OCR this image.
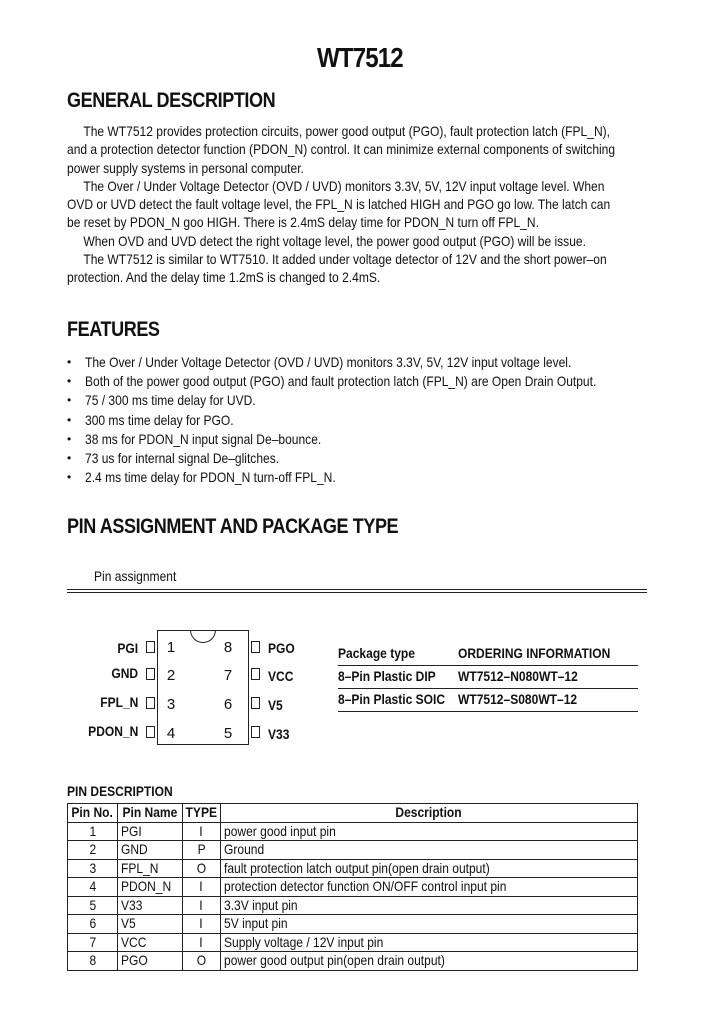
WT7512
GENERAL DESCRIPTION
The WT7512 provides protection circuits, power good output (PGO), fault protection latch (FPL_N),
and a protection detector function (PDON_N) control. It can minimize external components of switching
power supply systems in personal computer.
The Over / Under Voltage Detector (OVD / UVD) monitors 3.3V, 5V, 12V input voltage level. When
OVD or UVD detect the fault voltage level, the FPL_N is latched HIGH and PGO go low. The latch can
be reset by PDON_N goo HIGH. There is 2.4mS delay time for PDON_N turn off FPL_N.
When OVD and UVD detect the right voltage level, the power good output (PGO) will be issue.
The WT7512 is similar to WT7510. It added under voltage detector of 12V and the short power–on
protection. And the delay time 1.2mS is changed to 2.4mS.
FEATURES
• The Over / Under Voltage Detector (OVD / UVD) monitors 3.3V, 5V, 12V input voltage level.
• Both of the power good output (PGO) and fault protection latch (FPL_N) are Open Drain Output.
• 75 / 300 ms time delay for UVD.
• 300 ms time delay for PGO.
• 38 ms for PDON_N input signal De–bounce.
• 73 us for internal signal De–glitches.
• 2.4 ms time delay for PDON_N turn-off FPL_N.
PIN ASSIGNMENT AND PACKAGE TYPE
Pin assignment
1
2
3
4
PGI
GND
FPL_N
PDON_N
8
7
6
5
PGO
VCC
V5
V33
Package type	ORDERING INFORMATION
8–Pin Plastic DIP WT7512–N080WT–12
8–Pin Plastic SOIC WT7512–S080WT–12
PIN DESCRIPTION
Pin No.	Pin Name	TYPE	Description
1	PGI	I	power good input pin
2	GND	P	Ground
3	FPL_N	O	fault protection latch output pin(open drain output)
4	PDON_N	I	protection detector function ON/OFF control input pin
5	V33	I	3.3V input pin
6	V5	I	5V input pin
7	VCC	I	Supply voltage / 12V input pin
8	PGO	O	power good output pin(open drain output)
